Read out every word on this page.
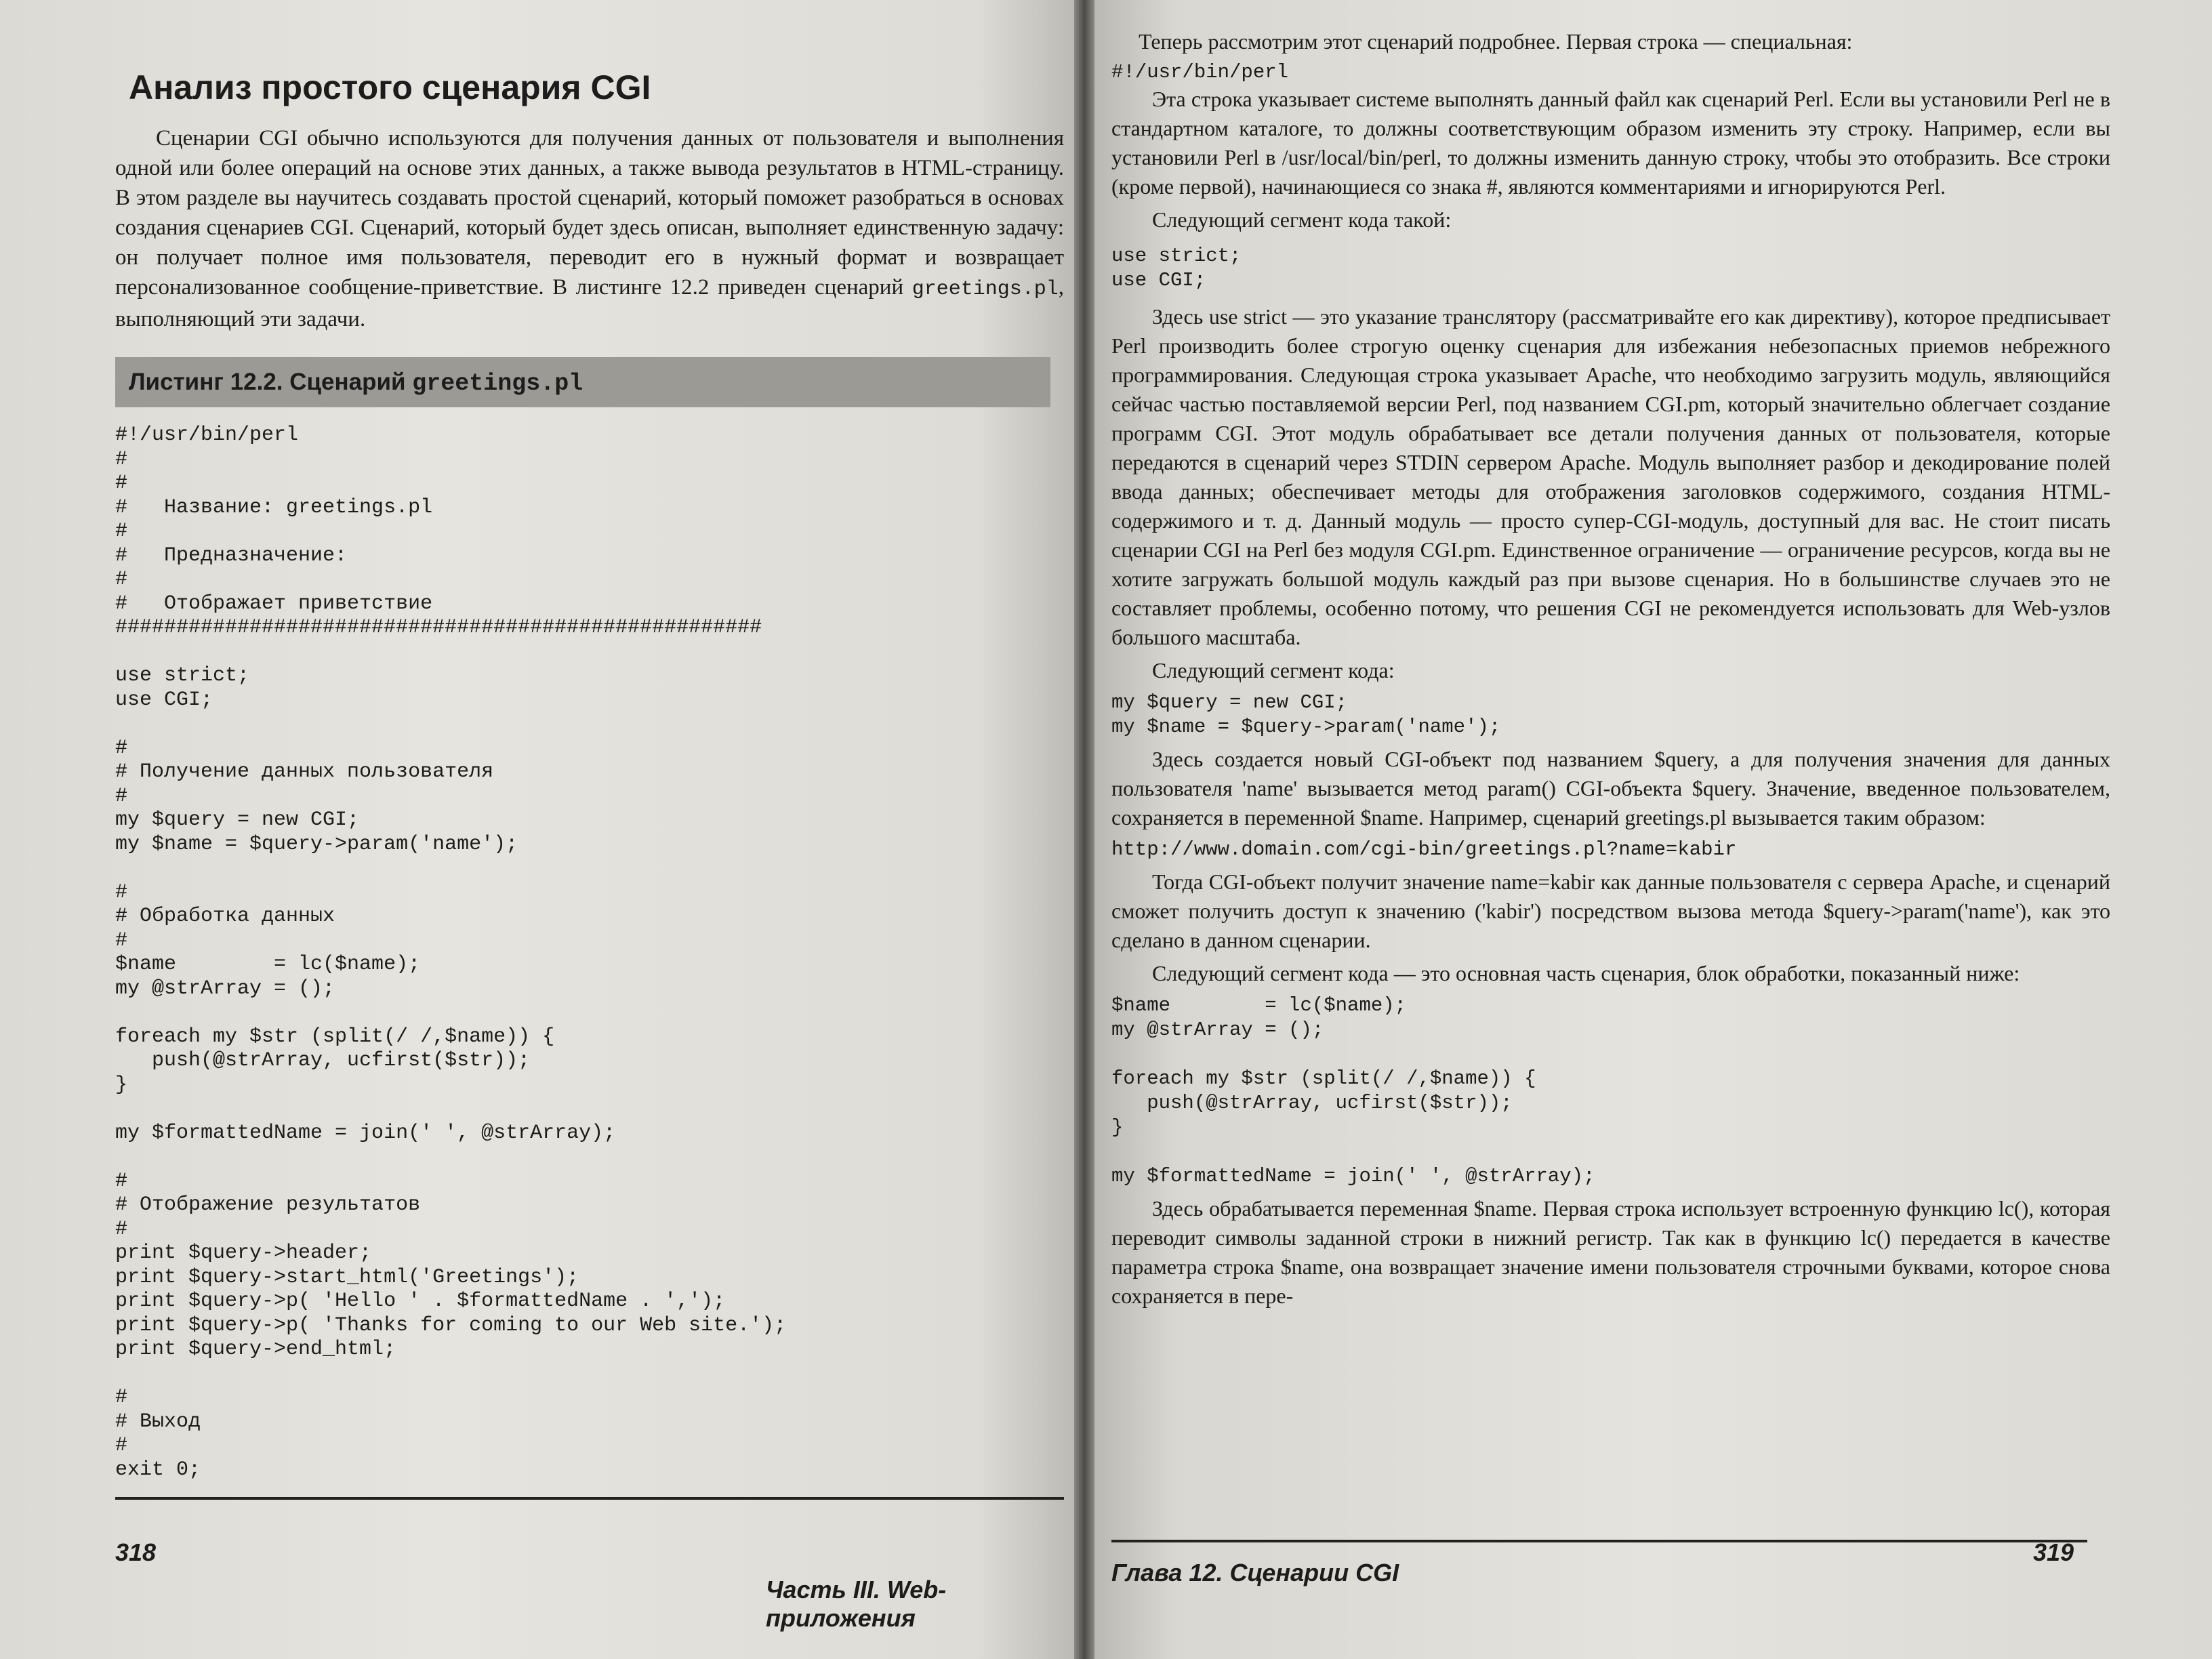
Анализ простого сценария CGI

Сценарии CGI обычно используются для получения данных от пользователя и выполнения одной или более операций на основе этих данных, а также вывода результатов в HTML-страницу. В этом разделе вы научитесь создавать простой сценарий, который поможет разобраться в основах создания сценариев CGI. Сценарий, который будет здесь описан, выполняет единственную задачу: он получает полное имя пользователя, переводит его в нужный формат и возвращает персонализованное сообщение-приветствие. В листинге 12.2 приведен сценарий greetings.pl, выполняющий эти задачи.

Листинг 12.2. Сценарий greetings.pl
#!/usr/bin/perl
#
#
#   Название: greetings.pl
#
#   Предназначение:
#
#   Отображает приветствие
#####################################################

use strict;
use CGI;

#
# Получение данных пользователя
#
my $query = new CGI;
my $name = $query->param('name');

#
# Обработка данных
#
$name        = lc($name);
my @strArray = ();

foreach my $str (split(/ /,$name)) {
push(@strArray, ucfirst($str));
}

my $formattedName = join(' ', @strArray);

#
# Отображение результатов
#
print $query->header;
print $query->start_html('Greetings');
print $query->p( 'Hello ' . $formattedName . ',');
print $query->p( 'Thanks for coming to our Web site.');
print $query->end_html;

#
# Выход
#
exit 0;
318
Часть III. Web-приложения

Теперь рассмотрим этот сценарий подробнее. Первая строка — специальная:

#!/usr/bin/perl

Эта строка указывает системе выполнять данный файл как сценарий Perl. Если вы установили Perl не в стандартном каталоге, то должны соответствующим образом изменить эту строку. Например, если вы установили Perl в /usr/local/bin/perl, то должны изменить данную строку, чтобы это отобразить. Все строки (кроме первой), начинающиеся со знака #, являются комментариями и игнорируются Perl.

Следующий сегмент кода такой:

use strict;
use CGI;

Здесь use strict — это указание транслятору (рассматривайте его как директиву), которое предписывает Perl производить более строгую оценку сценария для избежания небезопасных приемов небрежного программирования. Следующая строка указывает Apache, что необходимо загрузить модуль, являющийся сейчас частью поставляемой версии Perl, под названием CGI.pm, который значительно облегчает создание программ CGI. Этот модуль обрабатывает все детали получения данных от пользователя, которые передаются в сценарий через STDIN сервером Apache. Модуль выполняет разбор и декодирование полей ввода данных; обеспечивает методы для отображения заголовков содержимого, создания HTML-содержимого и т. д. Данный модуль — просто супер-CGI-модуль, доступный для вас. Не стоит писать сценарии CGI на Perl без модуля CGI.pm. Единственное ограничение — ограничение ресурсов, когда вы не хотите загружать большой модуль каждый раз при вызове сценария. Но в большинстве случаев это не составляет проблемы, особенно потому, что решения CGI не рекомендуется использовать для Web-узлов большого масштаба.

Следующий сегмент кода:

my $query = new CGI;
my $name = $query->param('name');

Здесь создается новый CGI-объект под названием $query, а для получения значения для данных пользователя 'name' вызывается метод param() CGI-объекта $query. Значение, введенное пользователем, сохраняется в переменной $name. Например, сценарий greetings.pl вызывается таким образом:

http://www.domain.com/cgi-bin/greetings.pl?name=kabir

Тогда CGI-объект получит значение name=kabir как данные пользователя с сервера Apache, и сценарий сможет получить доступ к значению ('kabir') посредством вызова метода $query->param('name'), как это сделано в данном сценарии.

Следующий сегмент кода — это основная часть сценария, блок обработки, показанный ниже:

$name        = lc($name);
my @strArray = ();

foreach my $str (split(/ /,$name)) {
push(@strArray, ucfirst($str));
}

my $formattedName = join(' ', @strArray);

Здесь обрабатывается переменная $name. Первая строка использует встроенную функцию lc(), которая переводит символы заданной строки в нижний регистр. Так как в функцию lc() передается в качестве параметра строка $name, она возвращает значение имени пользователя строчными буквами, которое снова сохраняется в пере-

Глава 12. Сценарии CGI
319
